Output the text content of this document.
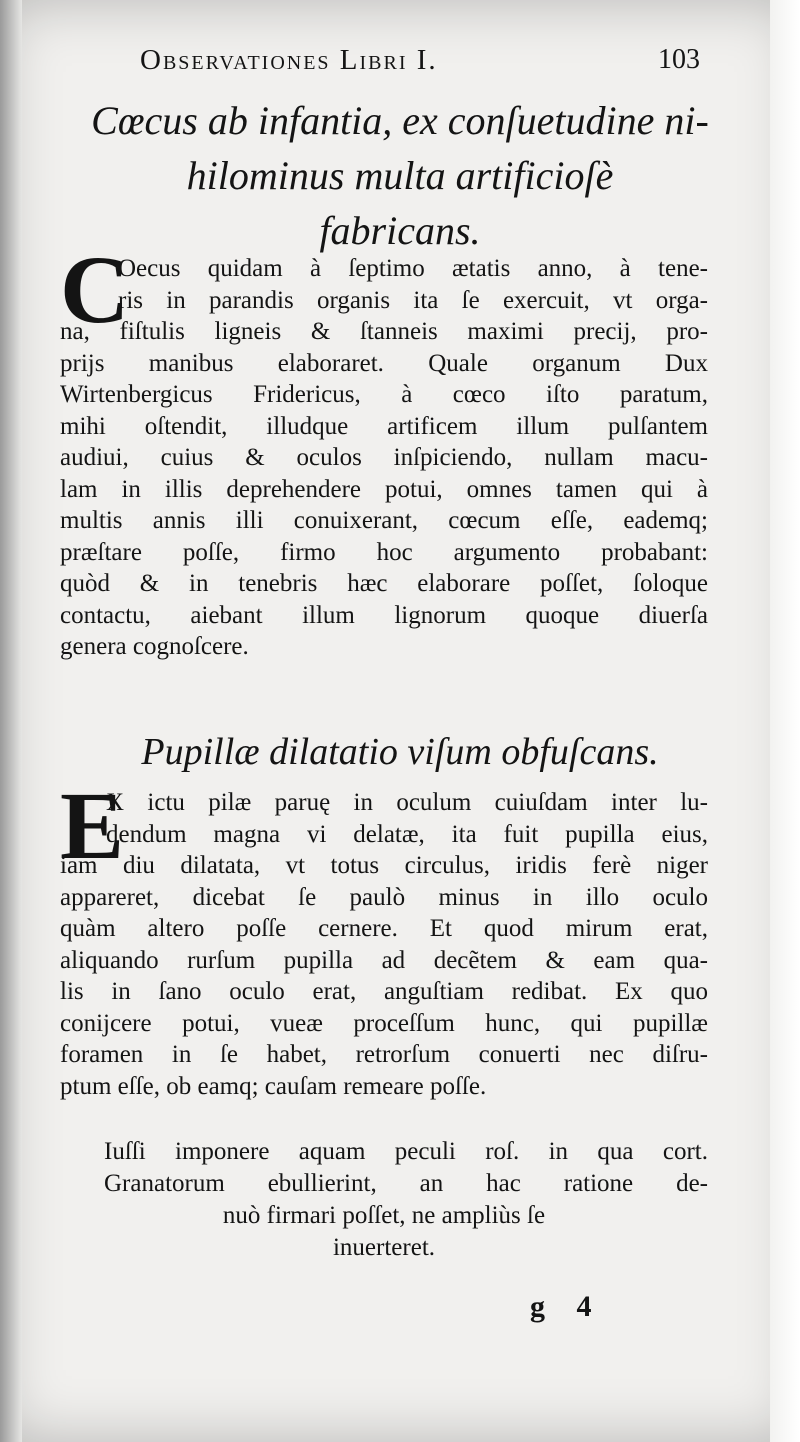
Observationes Libri I.	103
Cœcus ab infantia, ex conſuetudine ni-
hilominus multa artificioſè
fabricans.
C
Oecus quidam à ſeptimo ætatis anno, à tene-
ris in parandis organis ita ſe exercuit, vt orga-
na, fiſtulis ligneis & ſtanneis maximi precij, pro-
prijs manibus elaboraret. Quale organum Dux
Wirtenbergicus Fridericus, à cœco iſto paratum,
mihi oſtendit, illudque artificem illum pulſantem
audiui, cuius & oculos inſpiciendo, nullam macu-
lam in illis deprehendere potui, omnes tamen qui à
multis annis illi conuixerant, cœcum eſſe, eademq;
præſtare poſſe, firmo hoc argumento probabant:
quòd & in tenebris hæc elaborare poſſet, ſoloque
contactu, aiebant illum lignorum quoque diuerſa
genera cognoſcere.
Pupillæ dilatatio viſum obfuſcans.
E
X ictu pilæ paruę in oculum cuiuſdam inter lu-
dendum magna vi delatæ, ita fuit pupilla eius,
iam diu dilatata, vt totus circulus, iridis ferè niger
appareret, dicebat ſe paulò minus in illo oculo
quàm altero poſſe cernere. Et quod mirum erat,
aliquando rurſum pupilla ad decẽtem & eam qua-
lis in ſano oculo erat, anguſtiam redibat. Ex quo
conijcere potui, vueæ proceſſum hunc, qui pupillæ
foramen in ſe habet, retrorſum conuerti nec diſru-
ptum eſſe, ob eamq; cauſam remeare poſſe.
Iuſſi imponere aquam peculi roſ. in qua cort.
Granatorum ebullierint, an hac ratione de-
nuò firmari poſſet, ne ampliùs ſe
inuerteret.
g 4
